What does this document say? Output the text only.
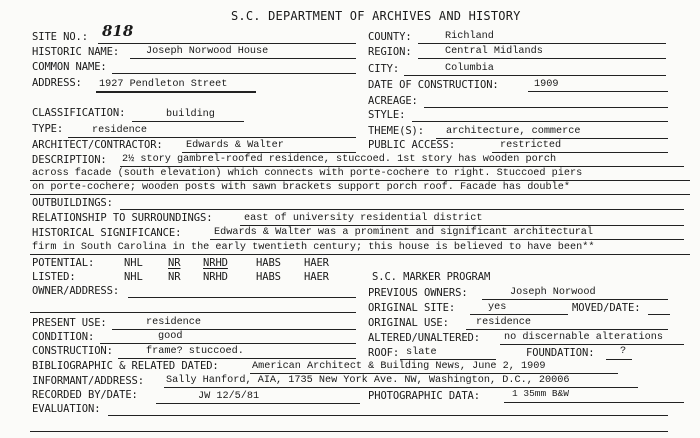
S.C. DEPARTMENT OF ARCHIVES AND HISTORY
SITE NO.: 818
HISTORIC NAME:	Joseph Norwood House
COMMON NAME:
ADDRESS: 1927 Pendleton Street
COUNTY:	Richland
REGION:	Central Midlands
CITY:	Columbia
DATE OF CONSTRUCTION:	1909
ACREAGE:
CLASSIFICATION:	building	STYLE:
TYPE:	residence	THEME(S): architecture, commerce
ARCHITECT/CONTRACTOR: Edwards & Walter	PUBLIC ACCESS:	restricted
DESCRIPTION: 2½ story gambrel-roofed residence, stuccoed. 1st story has wooden porch
across facade (south elevation) which connects with porte-cochere to right. Stuccoed piers
on porte-cochere; wooden posts with sawn brackets support porch roof. Facade has double*
OUTBUILDINGS:
RELATIONSHIP TO SURROUNDINGS:	east of university residential district
HISTORICAL SIGNIFICANCE:	Edwards & Walter was a prominent and significant architectural
firm in South Carolina in the early twentieth century; this house is believed to have been**
POTENTIAL:	NHL NR NRHD	HABS HAER
LISTED:	NHL NR NRHD	HABS HAER	S.C. MARKER PROGRAM
OWNER/ADDRESS:	PREVIOUS OWNERS:	Joseph Norwood
ORIGINAL SITE:	yes	MOVED/DATE:
PRESENT USE:	residence	ORIGINAL USE:	residence
CONDITION:	good	ALTERED/UNALTERED: no discernable alterations
CONSTRUCTION:	frame? stuccoed.	ROOF: slate	FOUNDATION:	?
BIBLIOGRAPHIC & RELATED DATED:	American Architect & Building News, June 2, 1909
INFORMANT/ADDRESS: Sally Hanford, AIA, 1735 New York Ave. NW, Washington, D.C., 20006
RECORDED BY/DATE:	JW 12/5/81	PHOTOGRAPHIC DATA:	1 35mm B&W
EVALUATION:
